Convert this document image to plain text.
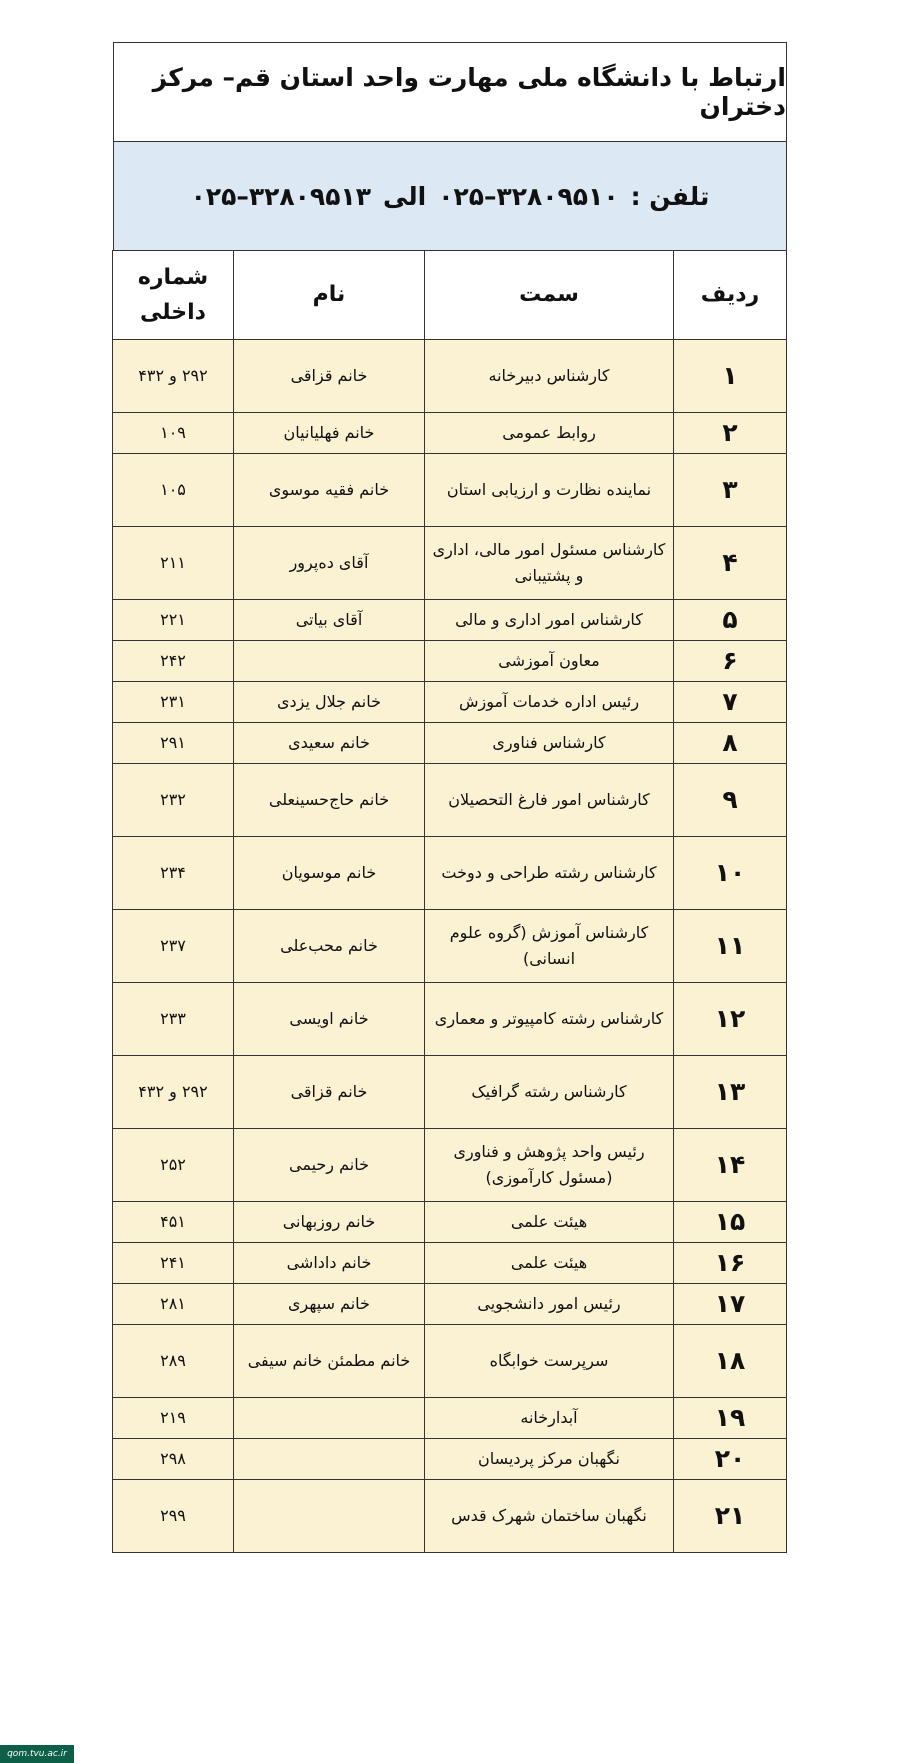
ارتباط با دانشگاه ملی مهارت واحد استان قم– مرکز دختران
تلفن :
۰۲۵–۳۲۸۰۹۵۱۰
الی
۰۲۵–۳۲۸۰۹۵۱۳
ردیف	سمت	نام	شماره داخلی
۱	کارشناس دبیرخانه	خانم قزاقی	۲۹۲ و ۴۳۲
۲	روابط عمومی	خانم فهلیانیان	۱۰۹
۳	نماینده نظارت و ارزیابی استان	خانم فقیه موسوی	۱۰۵
۴	کارشناس مسئول امور مالی، اداری و پشتیبانی	آقای ده‌پرور	۲۱۱
۵	کارشناس امور اداری و مالی	آقای بیاتی	۲۲۱
۶	معاون آموزشی		۲۴۲
۷	رئیس اداره خدمات آموزش	خانم جلال یزدی	۲۳۱
۸	کارشناس فناوری	خانم سعیدی	۲۹۱
۹	کارشناس امور فارغ التحصیلان	خانم حاج‌حسینعلی	۲۳۲
۱۰	کارشناس رشته طراحی و دوخت	خانم موسویان	۲۳۴
۱۱	کارشناس آموزش (گروه علوم انسانی)	خانم محب‌علی	۲۳۷
۱۲	کارشناس رشته کامپیوتر و معماری	خانم اویسی	۲۳۳
۱۳	کارشناس رشته گرافیک	خانم قزاقی	۲۹۲ و ۴۳۲
۱۴	رئیس واحد پژوهش و فناوری (مسئول کارآموزی)	خانم رحیمی	۲۵۲
۱۵	هیئت علمی	خانم روزبهانی	۴۵۱
۱۶	هیئت علمی	خانم داداشی	۲۴۱
۱۷	رئیس امور دانشجویی	خانم سپهری	۲۸۱
۱۸	سرپرست خوابگاه	خانم مطمئن خانم سیفی	۲۸۹
۱۹	آبدارخانه		۲۱۹
۲۰	نگهبان مرکز پردیسان		۲۹۸
۲۱	نگهبان ساختمان شهرک قدس		۲۹۹
qom.tvu.ac.ir
